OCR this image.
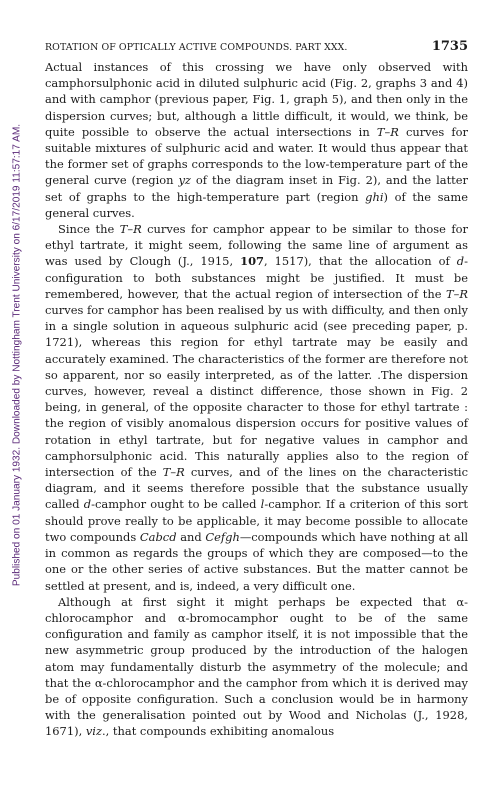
Published on 01 January 1932. Downloaded by Nottingham Trent University on 6/17/2019 11:57:17 AM.
ROTATION OF OPTICALLY ACTIVE COMPOUNDS. PART XXX.	1735

Actual instances of this crossing we have only observed with camphorsulphonic acid in diluted sulphuric acid (Fig. 2, graphs 3 and 4) and with camphor (previous paper, Fig. 1, graph 5), and then only in the dispersion curves; but, although a little difficult, it would, we think, be quite possible to observe the actual intersections in T–R curves for suitable mixtures of sulphuric acid and water. It would thus appear that the former set of graphs corresponds to the low-temperature part of the general curve (region yz of the diagram inset in Fig. 2), and the latter set of graphs to the high-temperature part (region ghi) of the same general curves.

Since the T–R curves for camphor appear to be similar to those for ethyl tartrate, it might seem, following the same line of argument as was used by Clough (J., 1915, 107, 1517), that the allocation of d-configuration to both substances might be justified. It must be remembered, however, that the actual region of intersection of the T–R curves for camphor has been realised by us with difficulty, and then only in a single solution in aqueous sulphuric acid (see preceding paper, p. 1721), whereas this region for ethyl tartrate may be easily and accurately examined. The characteristics of the former are therefore not so apparent, nor so easily interpreted, as of the latter. .The dispersion curves, however, reveal a distinct difference, those shown in Fig. 2 being, in general, of the opposite character to those for ethyl tartrate : the region of visibly anomalous dispersion occurs for positive values of rotation in ethyl tartrate, but for negative values in camphor and camphorsulphonic acid. This naturally applies also to the region of intersection of the T–R curves, and of the lines on the characteristic diagram, and it seems therefore possible that the substance usually called d-camphor ought to be called l-camphor. If a criterion of this sort should prove really to be applicable, it may become possible to allocate two compounds Cabcd and Cefgh—compounds which have nothing at all in common as regards the groups of which they are composed—to the one or the other series of active substances. But the matter cannot be settled at present, and is, indeed, a very difficult one.

Although at first sight it might perhaps be expected that α-chlorocamphor and α-bromocamphor ought to be of the same configuration and family as camphor itself, it is not impossible that the new asymmetric group produced by the introduction of the halogen atom may fundamentally disturb the asymmetry of the molecule; and that the α-chlorocamphor and the camphor from which it is derived may be of opposite configuration. Such a conclusion would be in harmony with the generalisation pointed out by Wood and Nicholas (J., 1928, 1671), viz., that compounds exhibiting anomalous
